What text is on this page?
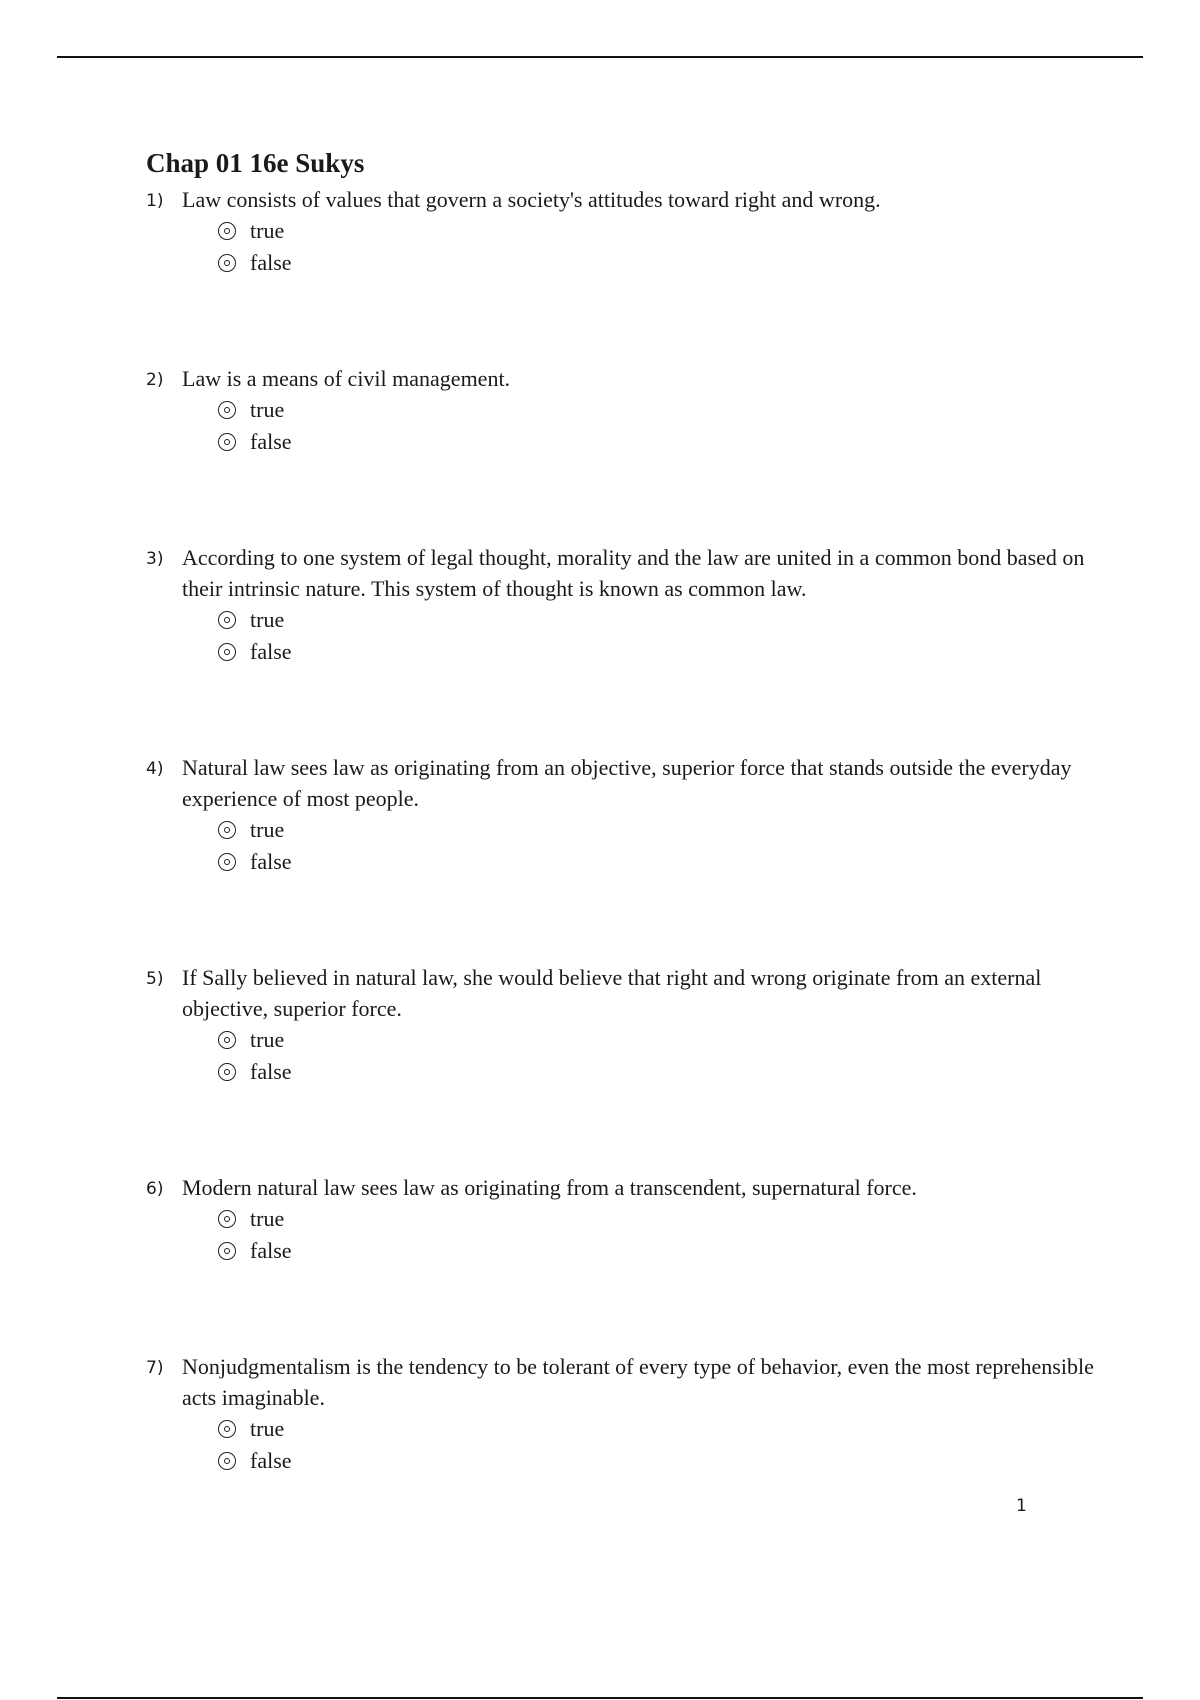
Chap 01 16e Sukys
1) Law consists of values that govern a society's attitudes toward right and wrong.
true
false
2) Law is a means of civil management.
true
false
3) According to one system of legal thought, morality and the law are united in a common bond based on their intrinsic nature. This system of thought is known as common law.
true
false
4) Natural law sees law as originating from an objective, superior force that stands outside the everyday experience of most people.
true
false
5) If Sally believed in natural law, she would believe that right and wrong originate from an external objective, superior force.
true
false
6) Modern natural law sees law as originating from a transcendent, supernatural force.
true
false
7) Nonjudgmentalism is the tendency to be tolerant of every type of behavior, even the most reprehensible acts imaginable.
true
false
1
